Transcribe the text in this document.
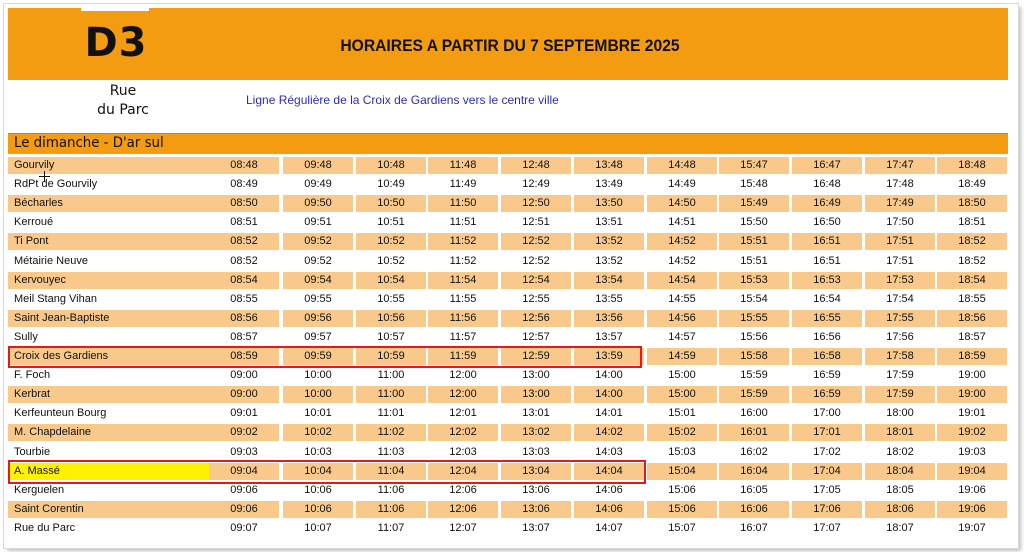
D3	HORAIRES A PARTIR DU 7 SEPTEMBRE 2025
Rue
du Parc
Ligne Régulière de la Croix de Gardiens vers le centre ville
Le dimanche - D'ar sul
Gourvily	08:48	09:48	10:48	11:48	12:48	13:48	14:48	15:47	16:47	17:47	18:48
RdPt de Gourvily	08:49	09:49	10:49	11:49	12:49	13:49	14:49	15:48	16:48	17:48	18:49
Bécharles	08:50	09:50	10:50	11:50	12:50	13:50	14:50	15:49	16:49	17:49	18:50
Kerroué	08:51	09:51	10:51	11:51	12:51	13:51	14:51	15:50	16:50	17:50	18:51
Ti Pont	08:52	09:52	10:52	11:52	12:52	13:52	14:52	15:51	16:51	17:51	18:52
Métairie Neuve	08:52	09:52	10:52	11:52	12:52	13:52	14:52	15:51	16:51	17:51	18:52
Kervouyec	08:54	09:54	10:54	11:54	12:54	13:54	14:54	15:53	16:53	17:53	18:54
Meil Stang Vihan	08:55	09:55	10:55	11:55	12:55	13:55	14:55	15:54	16:54	17:54	18:55
Saint Jean-Baptiste	08:56	09:56	10:56	11:56	12:56	13:56	14:56	15:55	16:55	17:55	18:56
Sully	08:57	09:57	10:57	11:57	12:57	13:57	14:57	15:56	16:56	17:56	18:57
Croix des Gardiens	08:59	09:59	10:59	11:59	12:59	13:59	14:59	15:58	16:58	17:58	18:59
F. Foch	09:00	10:00	11:00	12:00	13:00	14:00	15:00	15:59	16:59	17:59	19:00
Kerbrat	09:00	10:00	11:00	12:00	13:00	14:00	15:00	15:59	16:59	17:59	19:00
Kerfeunteun Bourg	09:01	10:01	11:01	12:01	13:01	14:01	15:01	16:00	17:00	18:00	19:01
M. Chapdelaine	09:02	10:02	11:02	12:02	13:02	14:02	15:02	16:01	17:01	18:01	19:02
Tourbie	09:03	10:03	11:03	12:03	13:03	14:03	15:03	16:02	17:02	18:02	19:03
A. Massé	09:04	10:04	11:04	12:04	13:04	14:04	15:04	16:04	17:04	18:04	19:04
Kerguelen	09:06	10:06	11:06	12:06	13:06	14:06	15:06	16:05	17:05	18:05	19:06
Saint Corentin	09:06	10:06	11:06	12:06	13:06	14:06	15:06	16:06	17:06	18:06	19:06
Rue du Parc	09:07	10:07	11:07	12:07	13:07	14:07	15:07	16:07	17:07	18:07	19:07
